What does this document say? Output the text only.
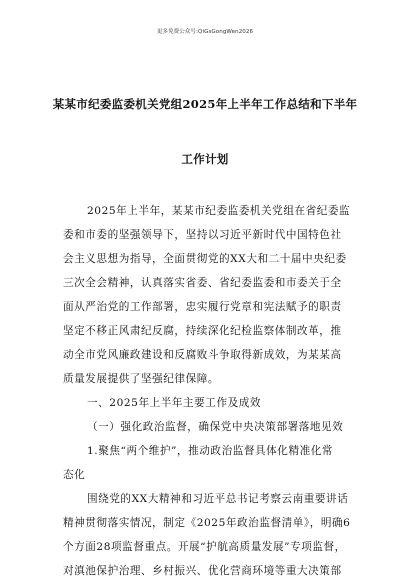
更多免费公众号:QiGsGongWen2026
某某市纪委监委机关党组2025年上半年工作总结和下半年
工作计划
2025年上半年，某某市纪委监委机关党组在省纪委监
委和市委的坚强领导下，坚持以习近平新时代中国特色社
会主义思想为指导，全面贯彻党的XX大和二十届中央纪委
三次全会精神，认真落实省委、省纪委监委和市委关于全
面从严治党的工作部署，忠实履行党章和宪法赋予的职责
坚定不移正风肃纪反腐，持续深化纪检监察体制改革，推
动全市党风廉政建设和反腐败斗争取得新成效，为某某高
质量发展提供了坚强纪律保障。
一、2025年上半年主要工作及成效
（一）强化政治监督，确保党中央决策部署落地见效
1.聚焦“两个维护”，推动政治监督具体化精准化常
态化
围绕党的XX大精神和习近平总书记考察云南重要讲话
精神贯彻落实情况，制定《2025年政治监督清单》，明确6
个方面28项监督重点。开展“护航高质量发展”专项监督，
对滇池保护治理、乡村振兴、优化营商环境等重大决策部
